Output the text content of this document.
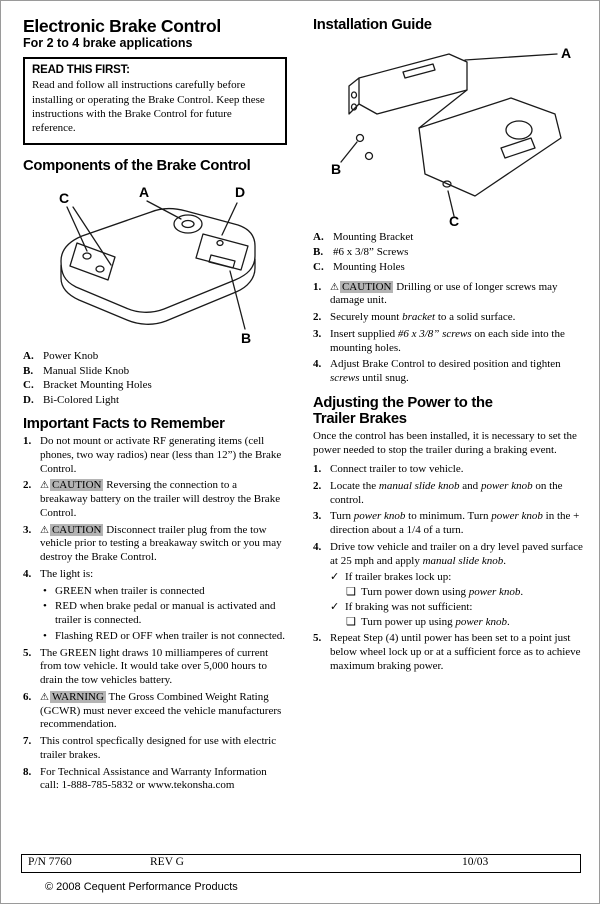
Electronic Brake Control
For 2 to 4 brake applications
READ THIS FIRST:

Read and follow all instructions carefully before installing or operating the Brake Control. Keep these instructions with the Brake Control for future reference.

Components of the Brake Control
C	A	D
B
A. Power Knob
B. Manual Slide Knob
C. Bracket Mounting Holes
D. Bi-Colored Light
Important Facts to Remember
1. Do not mount or activate RF generating items (cell phones, two way radios) near (less than 12”) the Brake Control.
2. ⚠ CAUTION Reversing the connection to a breakaway battery on the trailer will destroy the Brake Control.
3. ⚠ CAUTION Disconnect trailer plug from the tow vehicle prior to testing a breakaway switch or you may destroy the Brake Control.
4. The light is:
• GREEN when trailer is connected
• RED when brake pedal or manual is activated and trailer is connected.
• Flashing RED or OFF when trailer is not connected.
5. The GREEN light draws 10 milliamperes of current from tow vehicle. It would take over 5,000 hours to drain the tow vehicles battery.
6. ⚠ WARNING The Gross Combined Weight Rating (GCWR) must never exceed the vehicle manufacturers recommendation.
7. This control specfically designed for use with electric trailer brakes.
8. For Technical Assistance and Warranty Information call: 1-888-785-5832 or www.tekonsha.com
Installation Guide
A
B
C
A. Mounting Bracket
B. #6 x 3/8” Screws
C. Mounting Holes
1. ⚠ CAUTION Drilling or use of longer screws may damage unit.
2. Securely mount bracket to a solid surface.
3. Insert supplied #6 x 3/8” screws on each side into the mounting holes.
4. Adjust Brake Control to desired position and tighten screws until snug.
Adjusting the Power to the Trailer Brakes

Once the control has been installed, it is necessary to set the power needed to stop the trailer during a braking event.

1. Connect trailer to tow vehicle.
2. Locate the manual slide knob and power knob on the control.
3. Turn power knob to minimum. Turn power knob in the + direction about a 1/4 of a turn.
4. Drive tow vehicle and trailer on a dry level paved surface at 25 mph and apply manual slide knob.
✓ If trailer brakes lock up:
❑ Turn power down using power knob.
✓ If braking was not sufficient:
❑ Turn power up using power knob.
5. Repeat Step (4) until power has been set to a point just below wheel lock up or at a sufficient force as to achieve maximum braking power.
P/N 7760	REV G	10/03
© 2008 Cequent Performance Products
